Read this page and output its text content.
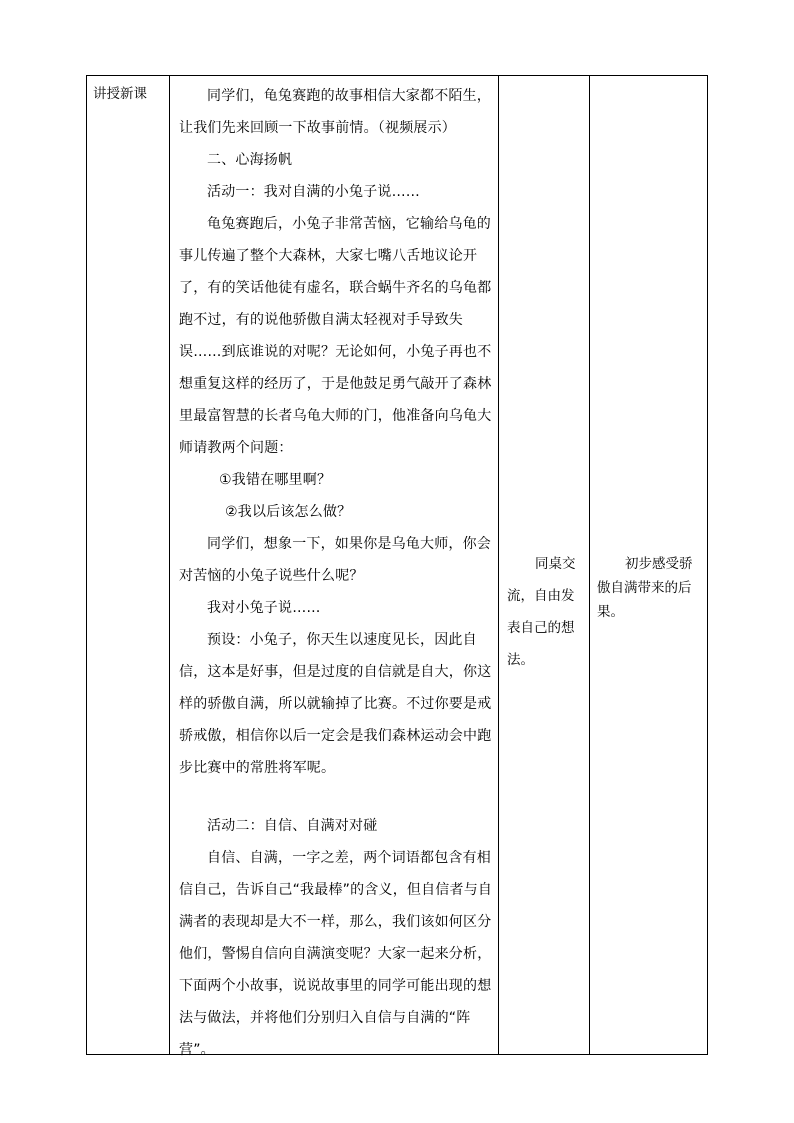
讲授新课	同学们，龟兔赛跑的故事相信大家都不陌生，让我们先来回顾一下故事前情。（视频展示）

二、心海扬帆

活动一：我对自满的小兔子说……

龟兔赛跑后，小兔子非常苦恼，它输给乌龟的事儿传遍了整个大森林，大家七嘴八舌地议论开了，有的笑话他徒有虚名，联合蜗牛齐名的乌龟都跑不过，有的说他骄傲自满太轻视对手导致失误……到底谁说的对呢？无论如何，小兔子再也不想重复这样的经历了，于是他鼓足勇气敲开了森林里最富智慧的长者乌龟大师的门，他准备向乌龟大师请教两个问题：

①我错在哪里啊？

②我以后该怎么做？

同学们，想象一下，如果你是乌龟大师，你会对苦恼的小兔子说些什么呢？

我对小兔子说……

预设：小兔子，你天生以速度见长，因此自信，这本是好事，但是过度的自信就是自大，你这样的骄傲自满，所以就输掉了比赛。不过你要是戒骄戒傲，相信你以后一定会是我们森林运动会中跑步比赛中的常胜将军呢。

活动二：自信、自满对对碰

自信、自满，一字之差，两个词语都包含有相信自己，告诉自己“我最棒”的含义，但自信者与自满者的表现却是大不一样，那么，我们该如何区分他们，警惕自信向自满演变呢？大家一起来分析，下面两个小故事，说说故事里的同学可能出现的想法与做法，并将他们分别归入自信与自满的“阵营”。

同桌交流，自由发表自己的想法。
初步感受骄傲自满带来的后果。
